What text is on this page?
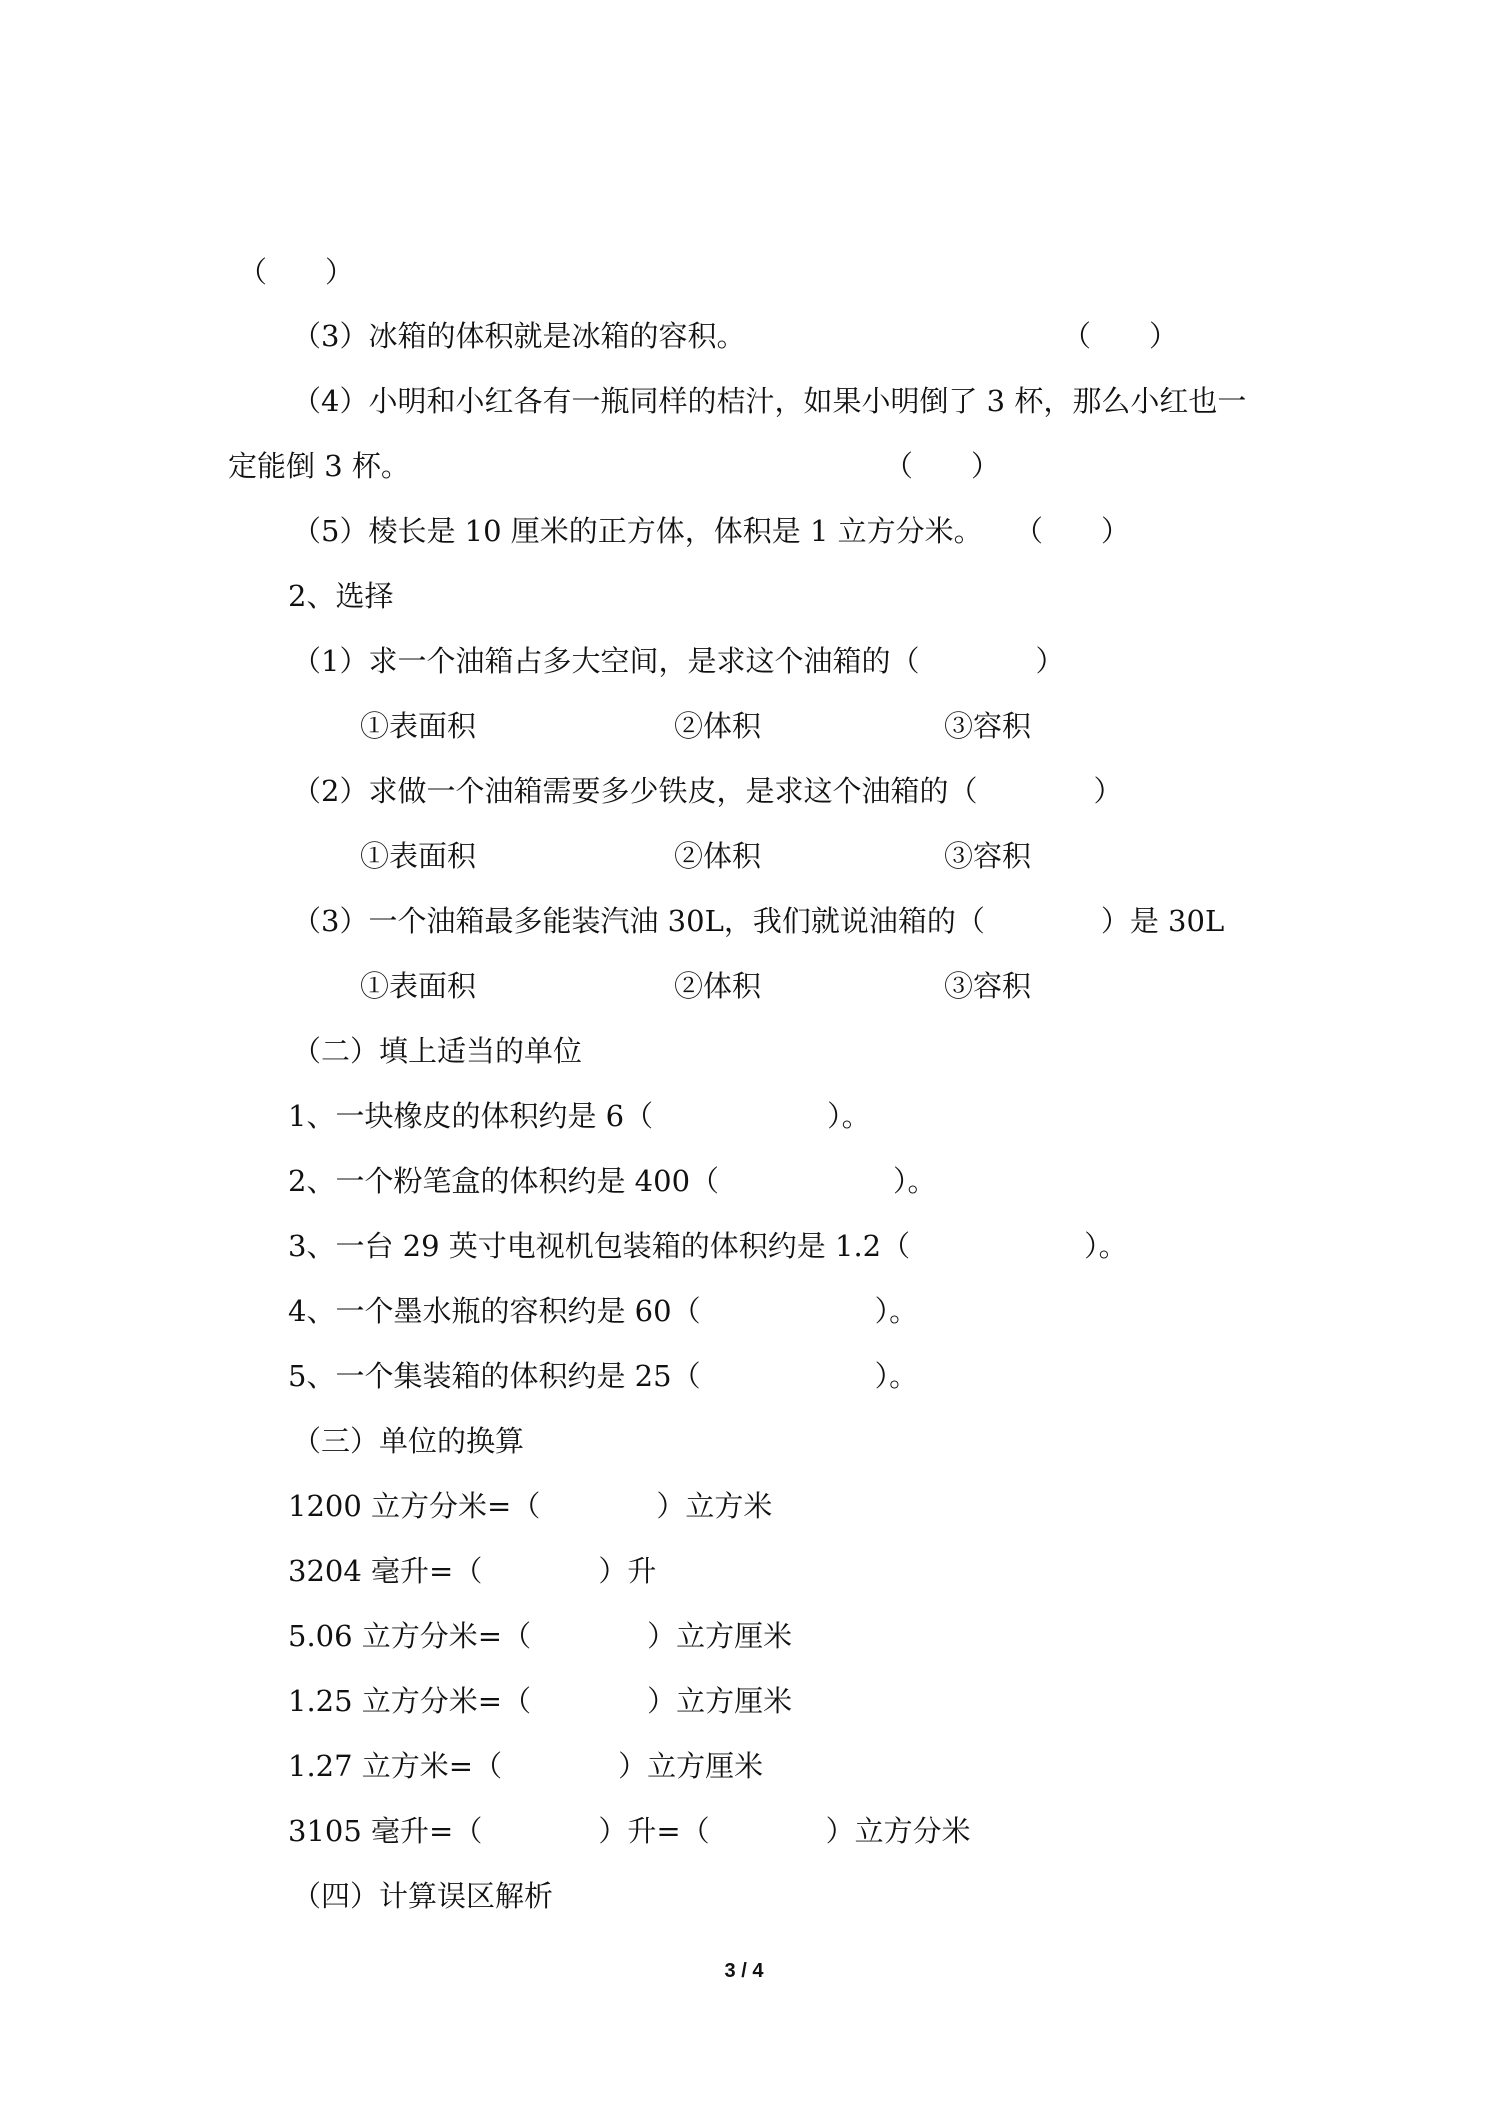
（　　）
（3）冰箱的体积就是冰箱的容积。	（　　）
（4）小明和小红各有一瓶同样的桔汁，如果小明倒了 3 杯，那么小红也一
定能倒 3 杯。	（　　）
（5）棱长是 10 厘米的正方体，体积是 1 立方分米。 （　　）
2、选择
（1）求一个油箱占多大空间，是求这个油箱的（　　　　）
①表面积	②体积	③容积
（2）求做一个油箱需要多少铁皮，是求这个油箱的（　　　　）
①表面积	②体积	③容积
（3）一个油箱最多能装汽油 30L，我们就说油箱的（　　　　）是 30L
①表面积	②体积	③容积
（二）填上适当的单位
1、一块橡皮的体积约是 6（　　　　　　）。
2、一个粉笔盒的体积约是 400（　　　　　　）。
3、一台 29 英寸电视机包装箱的体积约是 1.2（　　　　　　）。
4、一个墨水瓶的容积约是 60（　　　　　　）。
5、一个集装箱的体积约是 25（　　　　　　）。
（三）单位的换算
1200 立方分米=（　　　　）立方米
3204 毫升=（　　　　）升
5.06 立方分米=（　　　　）立方厘米
1.25 立方分米=（　　　　）立方厘米
1.27 立方米=（　　　　）立方厘米
3105 毫升=（　　　　）升=（　　　　）立方分米
（四）计算误区解析
3 / 4
